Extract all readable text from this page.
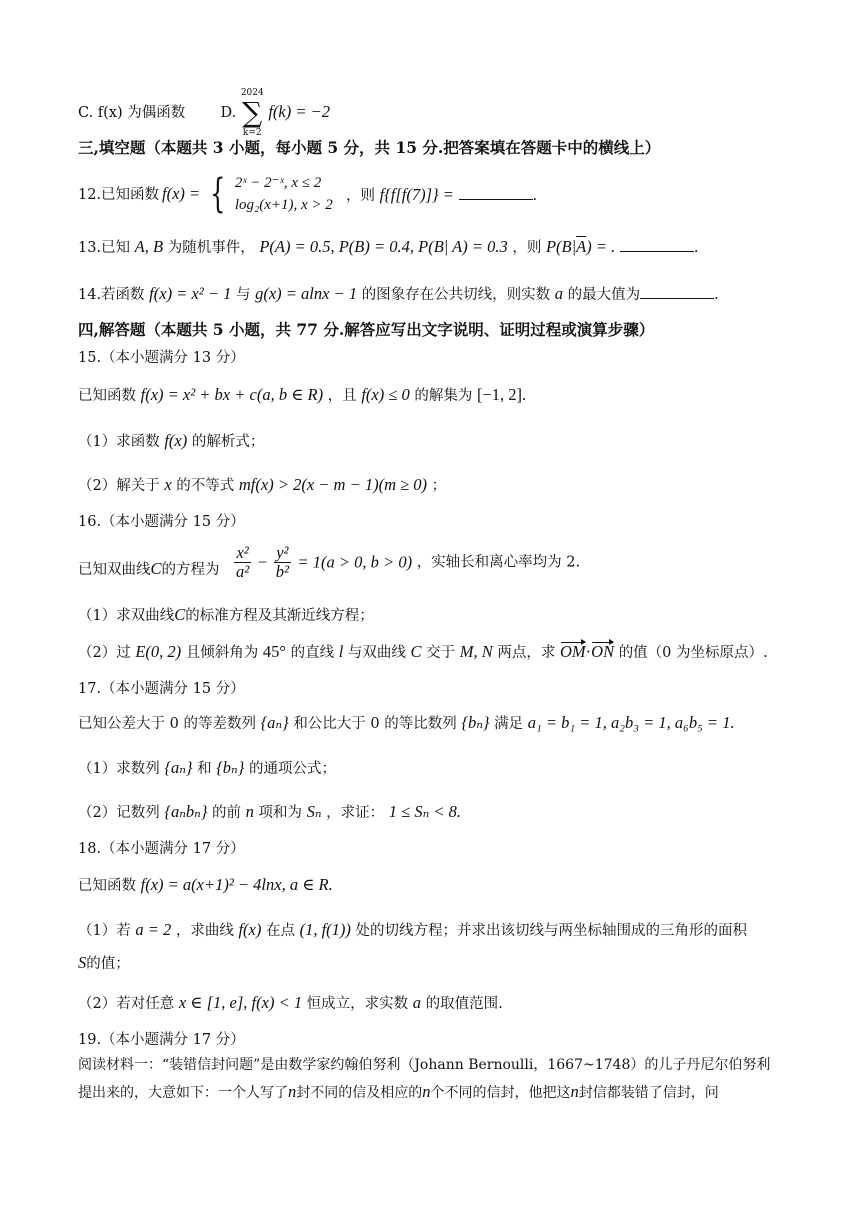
C. f(x) 为偶函数 D.
2024
∑
k=2
f(k) = −2
三,填空题（本题共 3 小题，每小题 5 分，共 15 分.把答案填在答题卡中的横线上）
12.已知函数 f(x) = { 2ˣ − 2⁻ˣ, x ≤ 2
log₂(x+1), x > 2
，则 f{f[f(7)]} =	.
13.已知 A, B 为随机事件， P(A) = 0.5, P(B) = 0.4, P(B| A) = 0.3 ，则 $P(B|\overline{A})$ = .	.
14.若函数 f(x) = x² − 1 与 g(x) = alnx − 1 的图象存在公共切线，则实数 a 的最大值为	.
四,解答题（本题共 5 小题，共 77 分.解答应写出文字说明、证明过程或演算步骤）
15.（本小题满分 13 分）
已知函数 f(x) = x² + bx + c(a, b ∈ R) ，且 f(x) ≤ 0 的解集为 [−1, 2].
（1）求函数 f(x) 的解析式；
（2）解关于 x 的不等式 mf(x) > 2(x − m − 1)(m ≥ 0) ；
16.（本小题满分 15 分）
已知双曲线C的方程为 $\frac{\text{x²}}{\text{a²}} - \frac{\text{y²}}{\text{b²}} = 1(a > 0$, b > 0) ，实轴长和离心率均为 2.
（1）求双曲线C的标准方程及其渐近线方程；
（2）过 E(0, 2) 且倾斜角为 45° 的直线 l 与双曲线 C 交于 M, N 两点，求 OM·ON 的值（0 为坐标原点）.
17.（本小题满分 15 分）
已知公差大于 0 的等差数列 {aₙ} 和公比大于 0 的等比数列 {bₙ} 满足 a₁ = b₁ = 1, a₂b₃ = 1, a₆b₅ = 1.
（1）求数列 {aₙ} 和 {bₙ} 的通项公式；
（2）记数列 {aₙbₙ} 的前 n 项和为 Sₙ ，求证： 1 ≤ Sₙ < 8.
18.（本小题满分 17 分）
已知函数 f(x) = a(x+1)² − 4lnx, a ∈ R.
（1）若 a = 2 ，求曲线 f(x) 在点 (1, f(1)) 处的切线方程；并求出该切线与两坐标轴围成的三角形的面积
S的值；
（2）若对任意 x ∈ [1, e], f(x) < 1 恒成立，求实数 a 的取值范围.
19.（本小题满分 17 分）
阅读材料一：“装错信封问题”是由数学家约翰伯努利（Johann Bernoulli，1667~1748）的儿子丹尼尔伯努利
提出来的，大意如下：一个人写了n封不同的信及相应的n个不同的信封，他把这n封信都装错了信封，问
